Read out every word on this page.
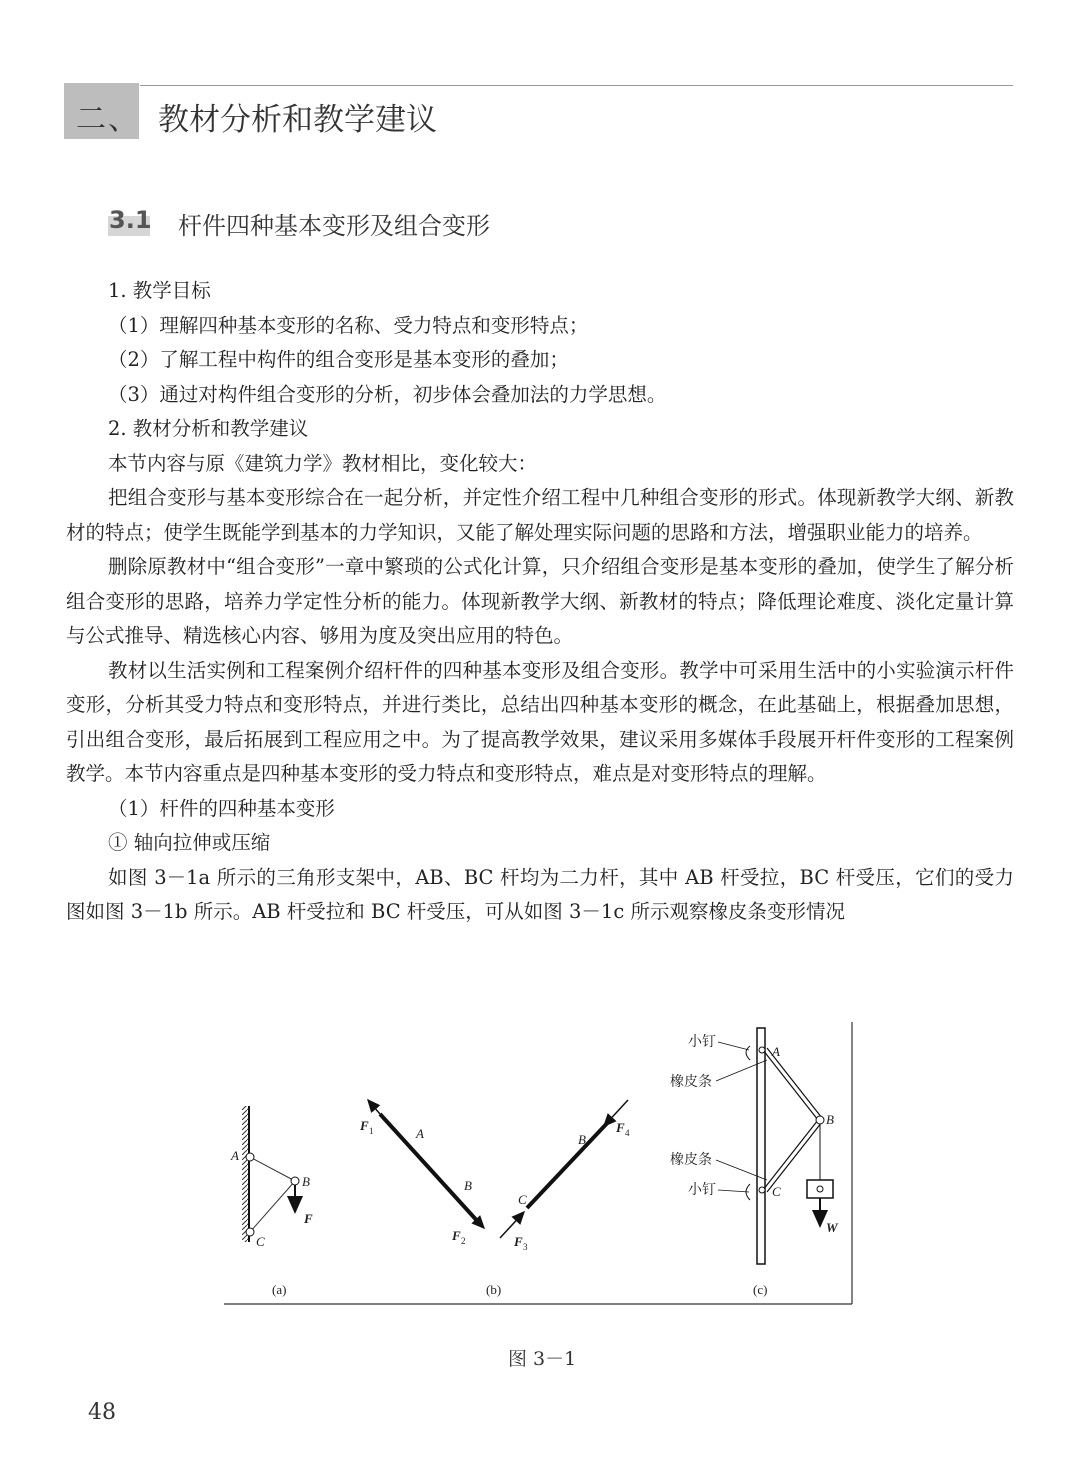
二、 教材分析和教学建议
3.1 杆件四种基本变形及组合变形
1. 教学目标
（1）理解四种基本变形的名称、受力特点和变形特点；
（2）了解工程中构件的组合变形是基本变形的叠加；
（3）通过对构件组合变形的分析，初步体会叠加法的力学思想。
2. 教材分析和教学建议
本节内容与原《建筑力学》教材相比，变化较大：
把组合变形与基本变形综合在一起分析，并定性介绍工程中几种组合变形的形式。体现新教学大纲、新教材的特点；使学生既能学到基本的力学知识，又能了解处理实际问题的思路和方法，增强职业能力的培养。
删除原教材中“组合变形”一章中繁琐的公式化计算，只介绍组合变形是基本变形的叠加，使学生了解分析组合变形的思路，培养力学定性分析的能力。体现新教学大纲、新教材的特点；降低理论难度、淡化定量计算与公式推导、精选核心内容、够用为度及突出应用的特色。
教材以生活实例和工程案例介绍杆件的四种基本变形及组合变形。教学中可采用生活中的小实验演示杆件变形，分析其受力特点和变形特点，并进行类比，总结出四种基本变形的概念，在此基础上，根据叠加思想，引出组合变形，最后拓展到工程应用之中。为了提高教学效果，建议采用多媒体手段展开杆件变形的工程案例教学。本节内容重点是四种基本变形的受力特点和变形特点，难点是对变形特点的理解。
（1）杆件的四种基本变形
① 轴向拉伸或压缩
如图 3－1a 所示的三角形支架中，AB、BC 杆均为二力杆，其中 AB 杆受拉，BC 杆受压，它们的受力图如图 3－1b 所示。AB 杆受拉和 BC 杆受压，可从如图 3－1c 所示观察橡皮条变形情况
A
B
C
F
(a)
F 1	A
B
F 2
C
B
F 3
F 4
(b)
A
B
C
W
小钉
橡皮条
橡皮条
小钉
(c)
图 3－1
48
